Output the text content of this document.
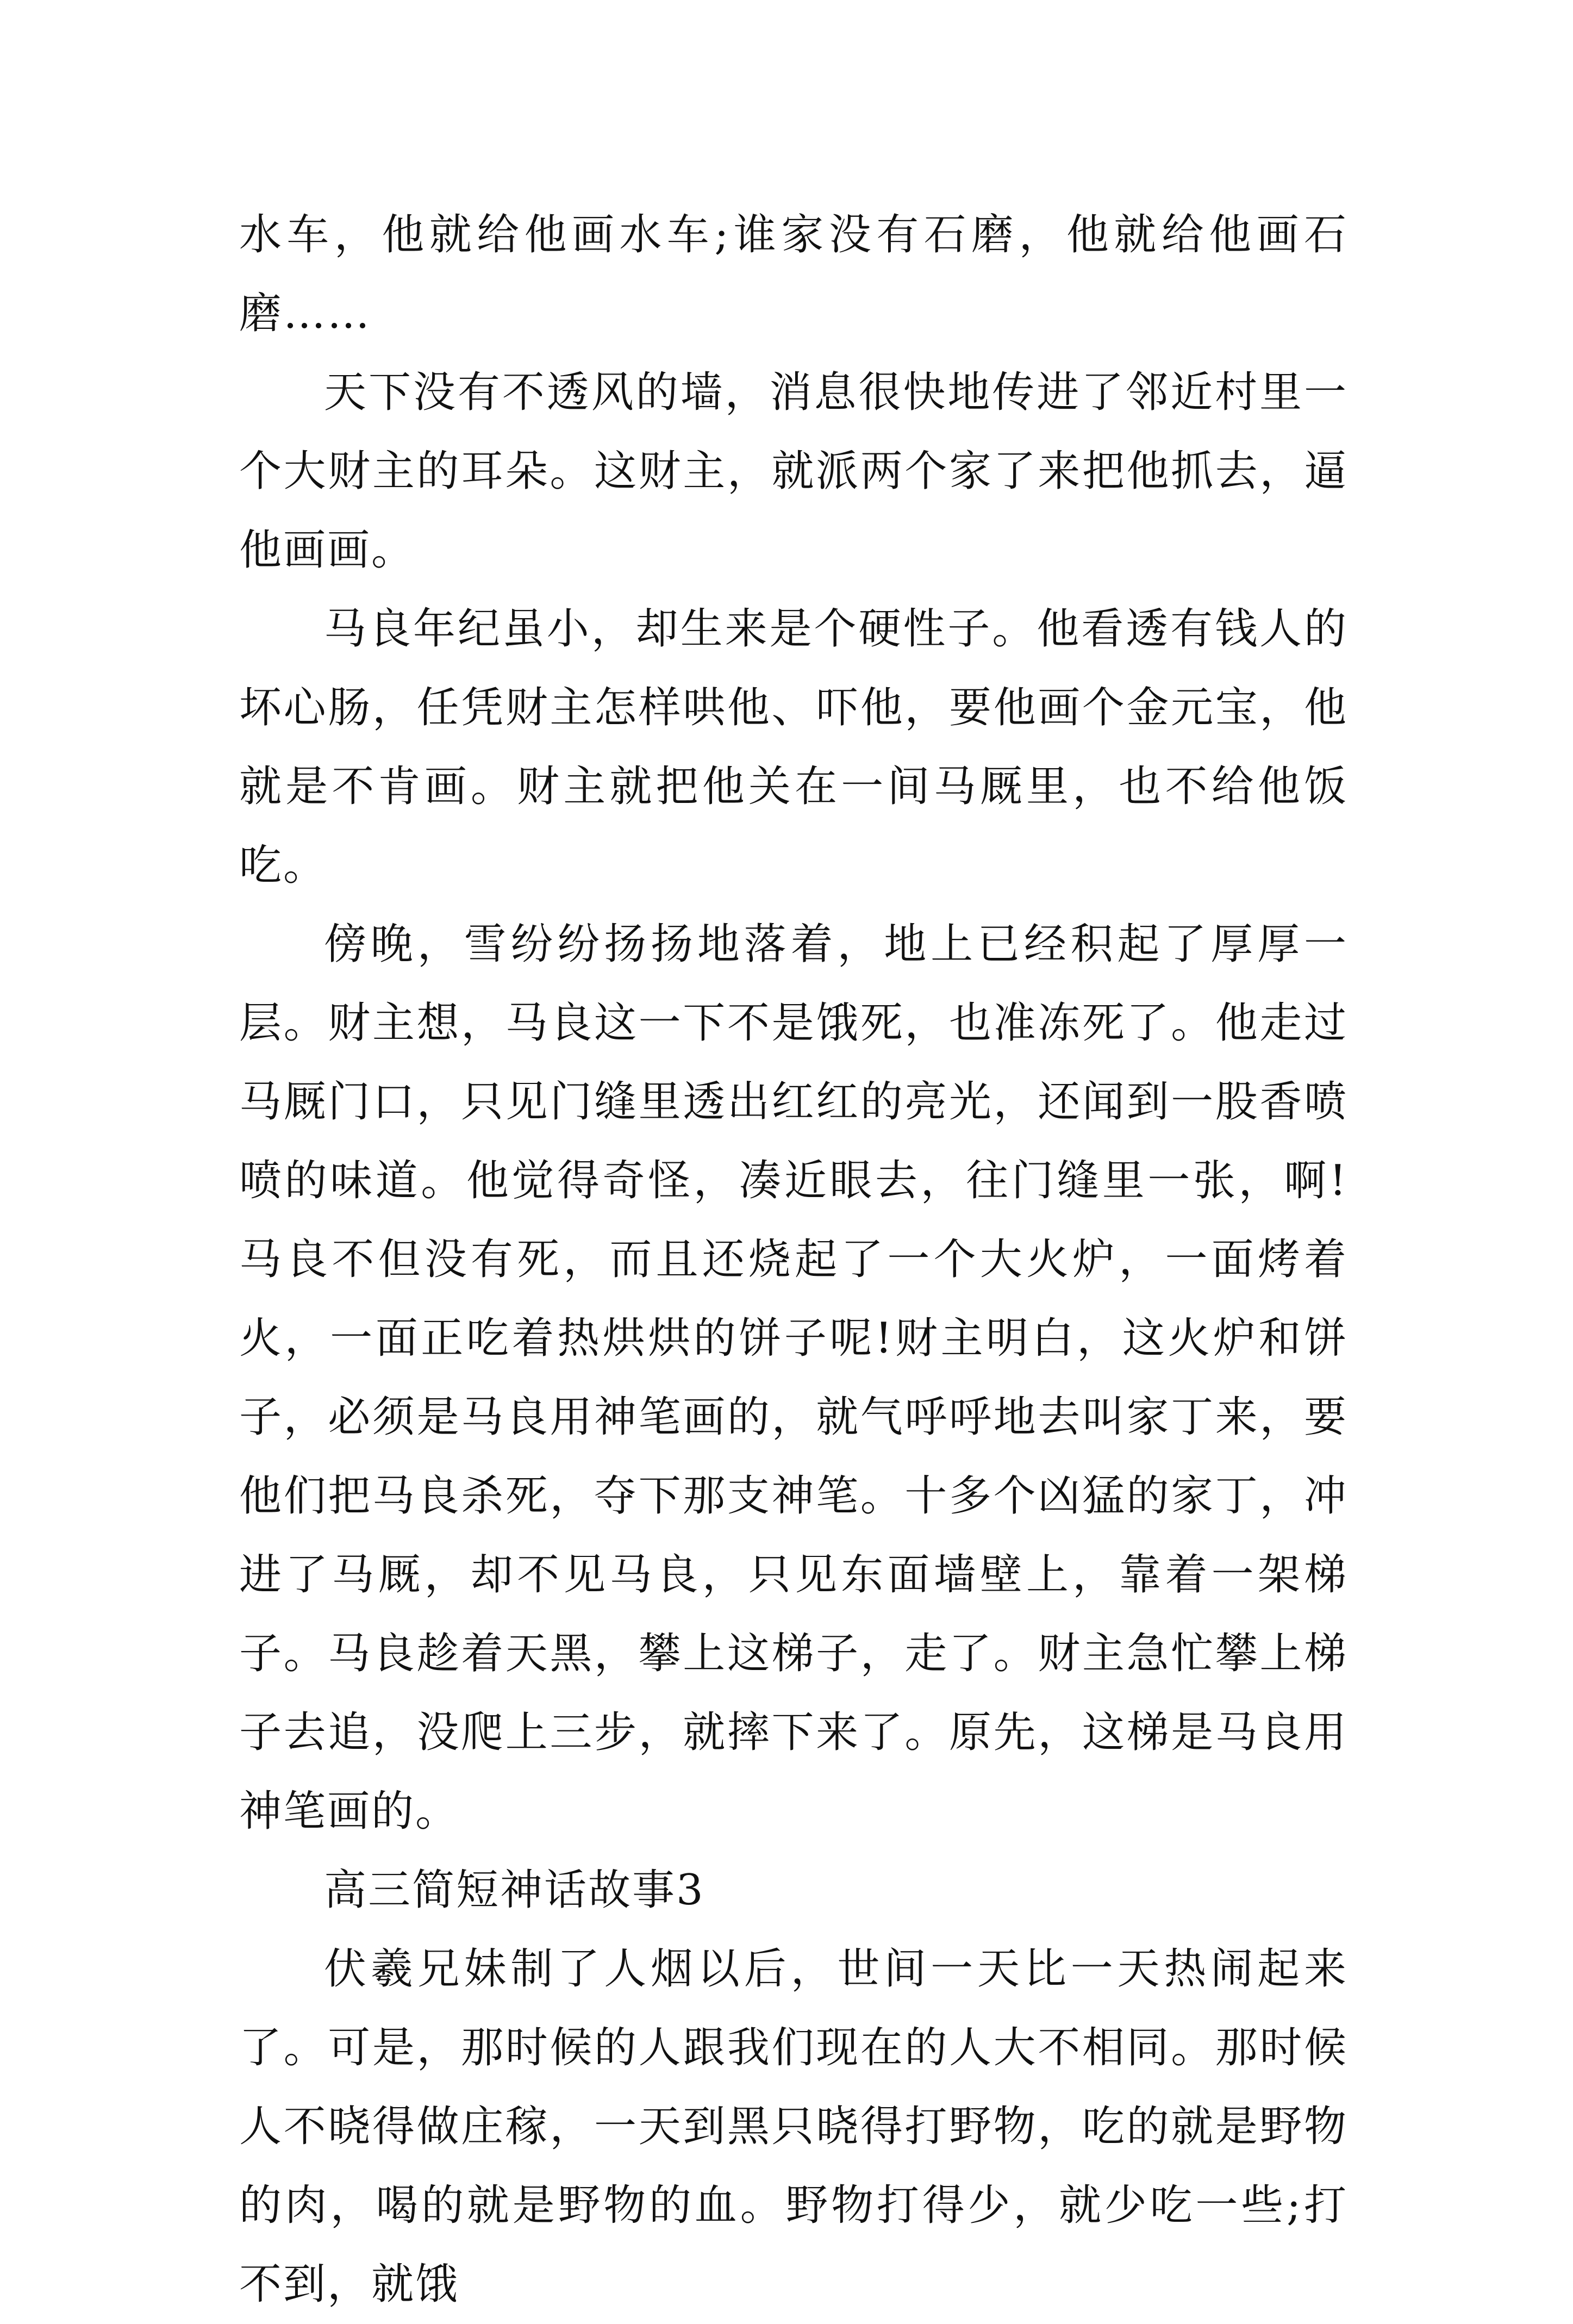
水车，他就给他画水车;谁家没有石磨，他就给他画石磨……

天下没有不透风的墙，消息很快地传进了邻近村里一个大财主的耳朵。这财主，就派两个家了来把他抓去，逼他画画。

马良年纪虽小，却生来是个硬性子。他看透有钱人的坏心肠，任凭财主怎样哄他、吓他，要他画个金元宝，他就是不肯画。财主就把他关在一间马厩里，也不给他饭吃。

傍晚，雪纷纷扬扬地落着，地上已经积起了厚厚一层。财主想，马良这一下不是饿死，也准冻死了。他走过马厩门口，只见门缝里透出红红的亮光，还闻到一股香喷喷的味道。他觉得奇怪，凑近眼去，往门缝里一张，啊!马良不但没有死，而且还烧起了一个大火炉，一面烤着火，一面正吃着热烘烘的饼子呢!财主明白，这火炉和饼子，必须是马良用神笔画的，就气呼呼地去叫家丁来，要他们把马良杀死，夺下那支神笔。十多个凶猛的家丁，冲进了马厩，却不见马良，只见东面墙壁上，靠着一架梯子。马良趁着天黑，攀上这梯子，走了。财主急忙攀上梯子去追，没爬上三步，就摔下来了。原先，这梯是马良用神笔画的。

高三简短神话故事3

伏羲兄妹制了人烟以后，世间一天比一天热闹起来了。可是，那时候的人跟我们现在的人大不相同。那时候人不晓得做庄稼，一天到黑只晓得打野物，吃的就是野物的肉，喝的就是野物的血。野物打得少，就少吃一些;打不到，就饿
